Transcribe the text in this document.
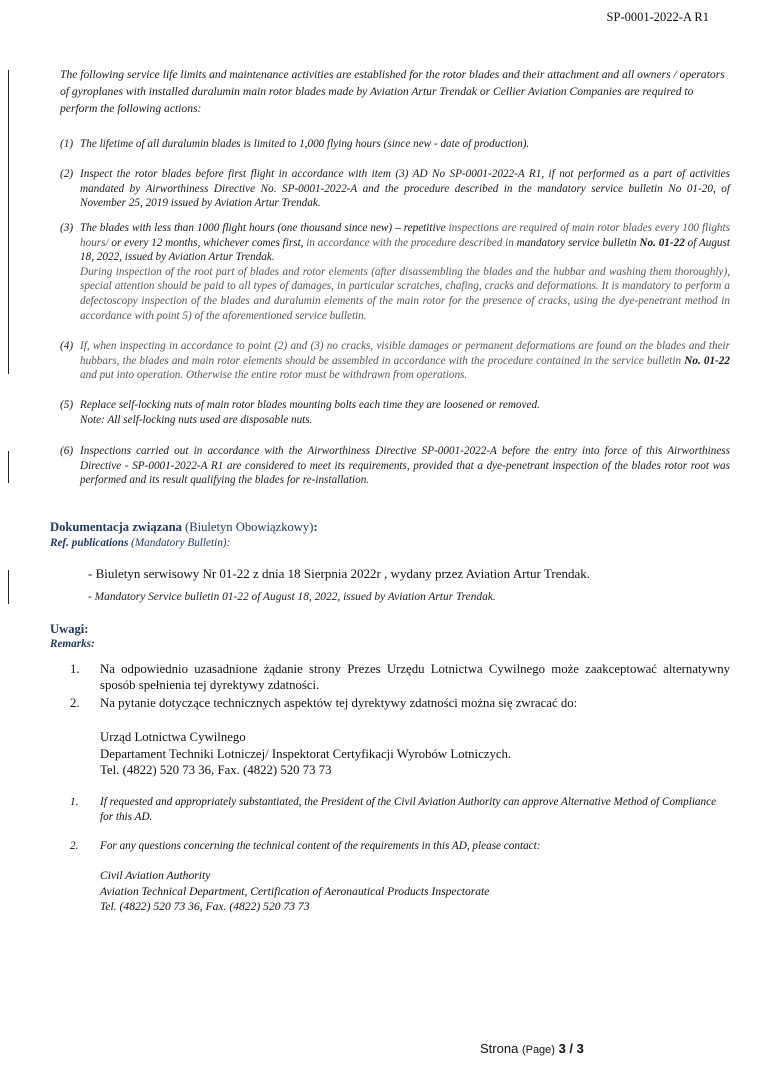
SP-0001-2022-A R1
The following service life limits and maintenance activities are established for the rotor blades and their attachment and all owners / operators of gyroplanes with installed duralumin main rotor blades made by Aviation Artur Trendak or Cellier Aviation Companies are required to perform the following actions:
(1) The lifetime of all duralumin blades is limited to 1,000 flying hours (since new - date of production).
(2) Inspect the rotor blades before first flight in accordance with item (3) AD No SP-0001-2022-A R1, if not performed as a part of activities mandated by Airworthiness Directive No. SP-0001-2022-A and the procedure described in the mandatory service bulletin No 01-20, of November 25, 2019 issued by Aviation Artur Trendak.
(3) The blades with less than 1000 flight hours (one thousand since new) – repetitive inspections are required of main rotor blades every 100 flights hours/ or every 12 months, whichever comes first, in accordance with the procedure described in mandatory service bulletin No. 01-22 of August 18, 2022, issued by Aviation Artur Trendak.
During inspection of the root part of blades and rotor elements (after disassembling the blades and the hubbar and washing them thoroughly), special attention should be paid to all types of damages, in particular scratches, chafing, cracks and deformations. It is mandatory to perform a defectoscopy inspection of the blades and duralumin elements of the main rotor for the presence of cracks, using the dye-penetrant method in accordance with point 5) of the aforementioned service bulletin.
(4) If, when inspecting in accordance to point (2) and (3) no cracks, visible damages or permanent deformations are found on the blades and their hubbars, the blades and main rotor elements should be assembled in accordance with the procedure contained in the service bulletin No. 01-22 and put into operation. Otherwise the entire rotor must be withdrawn from operations.
(5) Replace self-locking nuts of main rotor blades mounting bolts each time they are loosened or removed.
Note: All self-locking nuts used are disposable nuts.
(6) Inspections carried out in accordance with the Airworthiness Directive SP-0001-2022-A before the entry into force of this Airworthiness Directive - SP-0001-2022-A R1 are considered to meet its requirements, provided that a dye-penetrant inspection of the blades rotor root was performed and its result qualifying the blades for re-installation.
Dokumentacja związana (Biuletyn Obowiązkowy):
Ref. publications (Mandatory Bulletin):
- Biuletyn serwisowy Nr 01-22 z dnia 18 Sierpnia 2022r , wydany przez Aviation Artur Trendak.
- Mandatory Service bulletin 01-22 of August 18, 2022, issued by Aviation Artur Trendak.
Uwagi:
Remarks:
1.	Na odpowiednio uzasadnione żądanie strony Prezes Urzędu Lotnictwa Cywilnego może zaakceptować alternatywny sposób spełnienia tej dyrektywy zdatności.
2.	Na pytanie dotyczące technicznych aspektów tej dyrektywy zdatności można się zwracać do:
Urząd Lotnictwa Cywilnego
Departament Techniki Lotniczej/ Inspektorat Certyfikacji Wyrobów Lotniczych.
Tel. (4822) 520 73 36, Fax. (4822) 520 73 73
1.	If requested and appropriately substantiated, the President of the Civil Aviation Authority can approve Alternative Method of Compliance for this AD.
2.	For any questions concerning the technical content of the requirements in this AD, please contact:
Civil Aviation Authority
Aviation Technical Department, Certification of Aeronautical Products Inspectorate
Tel. (4822) 520 73 36, Fax. (4822) 520 73 73
Strona (Page) 3 / 3
